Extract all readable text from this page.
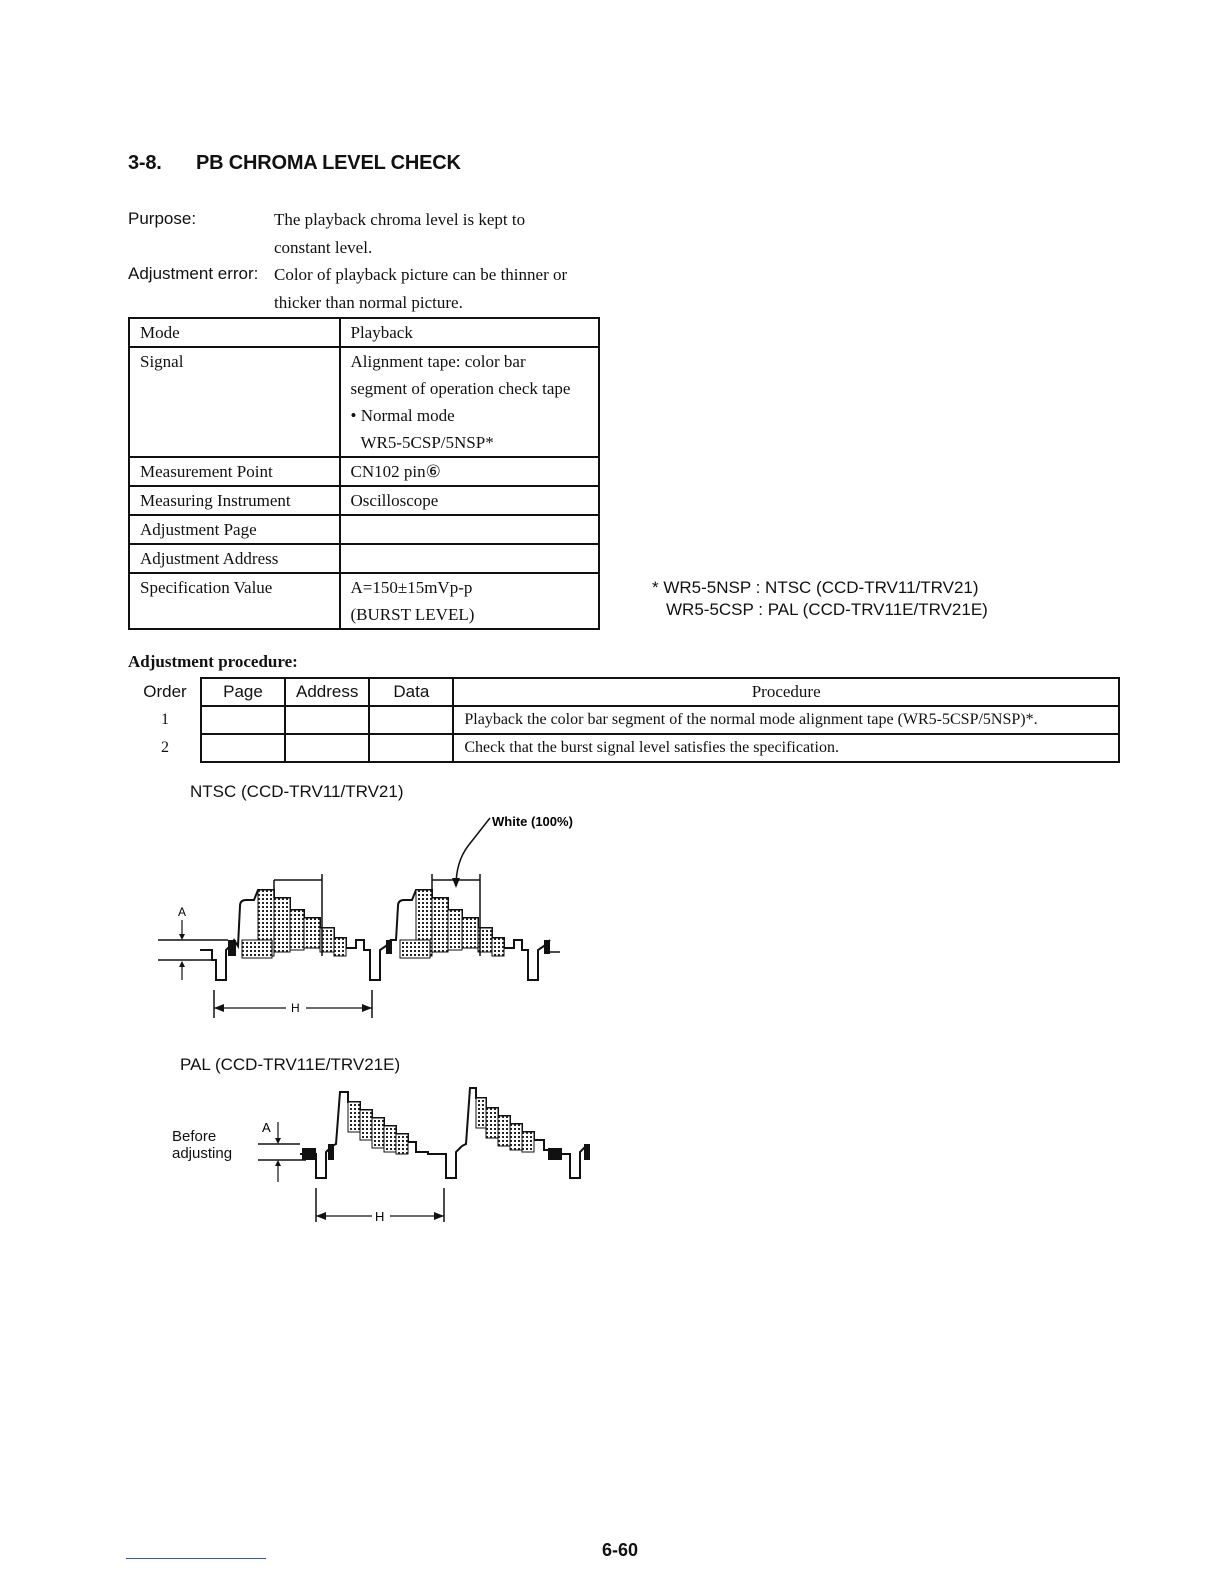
3-8. PB CHROMA LEVEL CHECK
Purpose:	The playback chroma level is kept to
constant level.
Adjustment error: Color of playback picture can be thinner or
thicker than normal picture.
Mode	Playback
Signal	Alignment tape: color bar
segment of operation check tape
• Normal mode
WR5-5CSP/5NSP*

Measurement Point	CN102 pin⑥
Measuring Instrument	Oscilloscope
Adjustment Page	
Adjustment Address	
Specification Value	A=150±15mVp-p
(BURST LEVEL)
* WR5-5NSP : NTSC (CCD-TRV11/TRV21)
WR5-5CSP : PAL (CCD-TRV11E/TRV21E)
Adjustment procedure:
Order	Page	Address	Data	Procedure
1				Playback the color bar segment of the normal mode alignment tape (WR5-5CSP/5NSP)*.
2				Check that the burst signal level satisfies the specification.
NTSC (CCD-TRV11/TRV21)
White (100%)
A
H
PAL (CCD-TRV11E/TRV21E)
Before
adjusting
A
H
6-60
